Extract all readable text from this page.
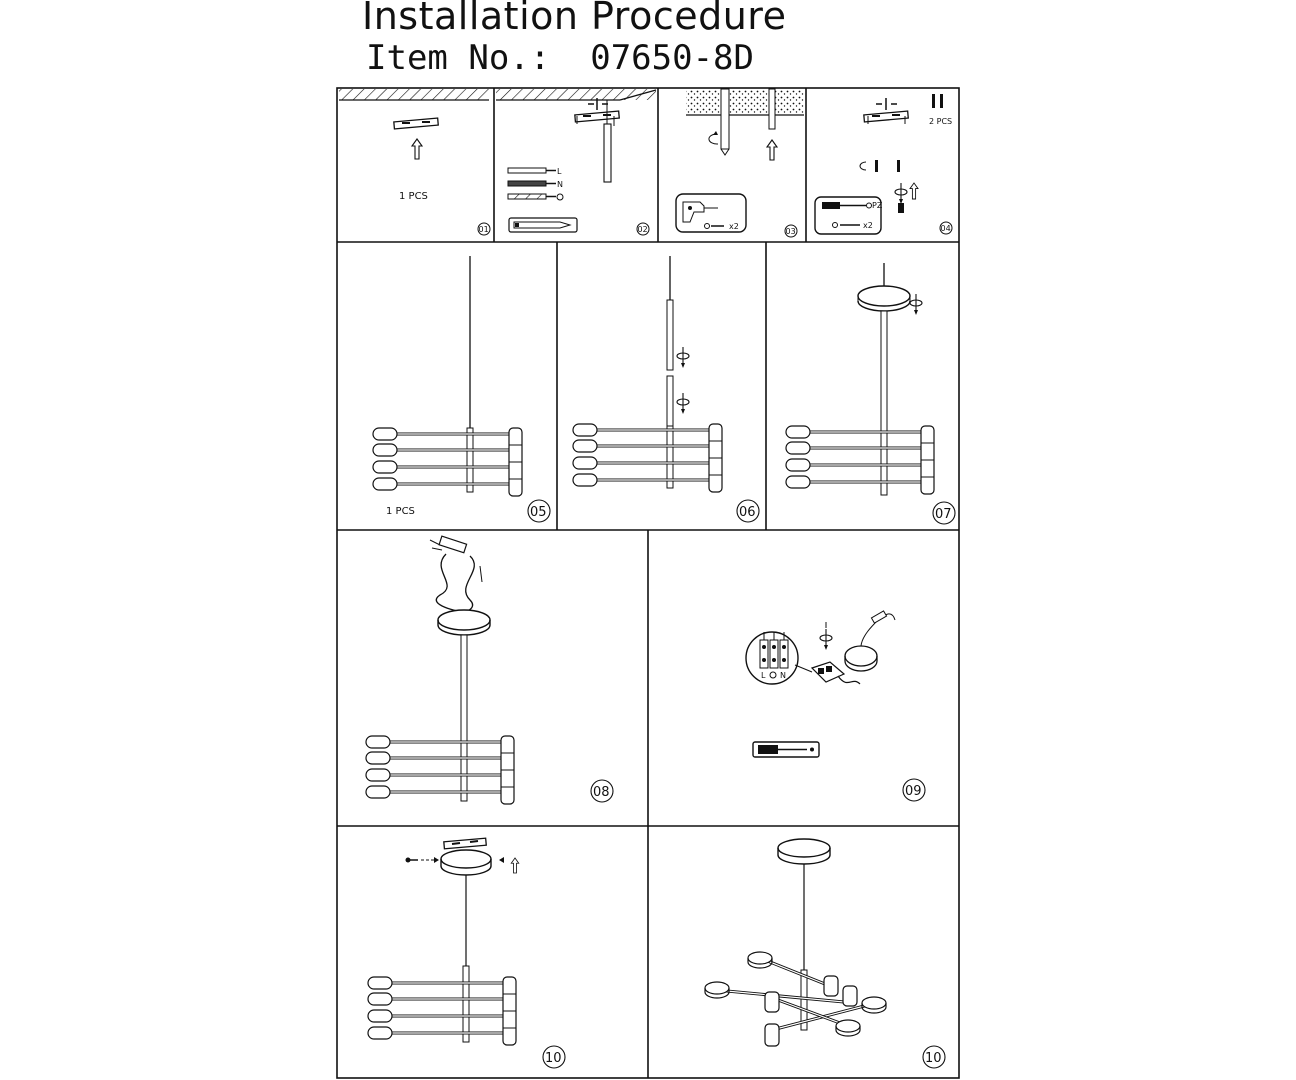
Installation Procedure
Item No.: 07650-8D
1 PCS
01
L
N
02	x2
03
2 PCS
PZ
x2	04
1 PCS	05	06	07
08
L N
09
10	10
